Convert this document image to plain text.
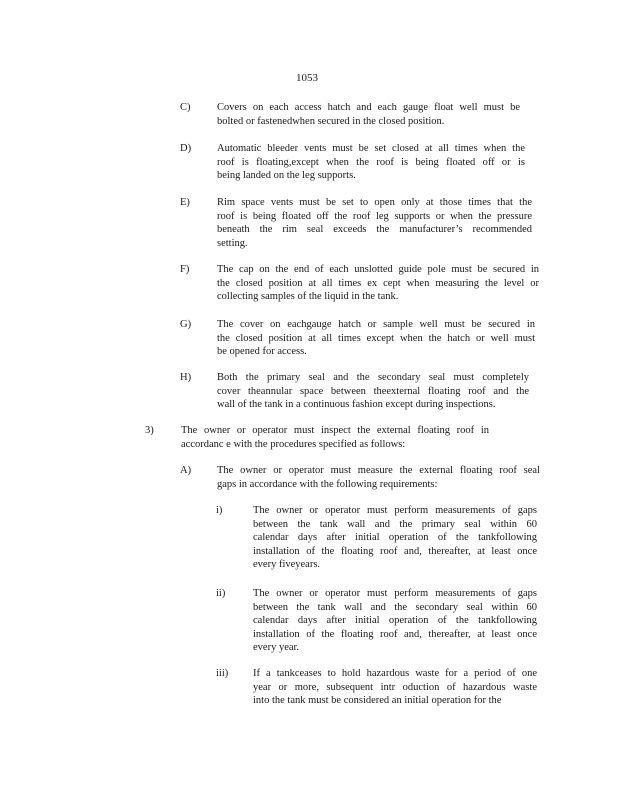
1053
C)	Covers on each access hatch and each gauge float well must be
bolted or fastenedwhen secured in the closed position.
D) Automatic bleeder vents must be set closed at all times when the
roof is floating,except when the roof is being floated off or is
being landed on the leg supports.
E)	Rim space vents must be set to open only at those times that the
roof is being floated off the roof leg supports or when the pressure
beneath the rim seal exceeds the manufacturer’s recommended
setting.
F)	The cap on the end of each unslotted guide pole must be secured in
the closed position at all times ex cept when measuring the level or
collecting samples of the liquid in the tank.
G) The cover on eachgauge hatch or sample well must be secured in
the closed position at all times except when the hatch or well must
be opened for access.
H) Both the primary seal and the secondary seal must completely
cover theannular space between theexternal floating roof and the
wall of the tank in a continuous fashion except during inspections.
3)	The owner or operator must inspect the external floating roof in
accordanc e with the procedures specified as follows:
A) The owner or operator must measure the external floating roof seal
gaps in accordance with the following requirements:
i)	The owner or operator must perform measurements of gaps
between the tank wall and the primary seal within 60
calendar days after initial operation of the tankfollowing
installation of the floating roof and, thereafter, at least once
every fiveyears.
ii)	The owner or operator must perform measurements of gaps
between the tank wall and the secondary seal within 60
calendar days after initial operation of the tankfollowing
installation of the floating roof and, thereafter, at least once
every year.
iii) If a tankceases to hold hazardous waste for a period of one
year or more, subsequent intr oduction of hazardous waste
into the tank must be considered an initial operation for the
